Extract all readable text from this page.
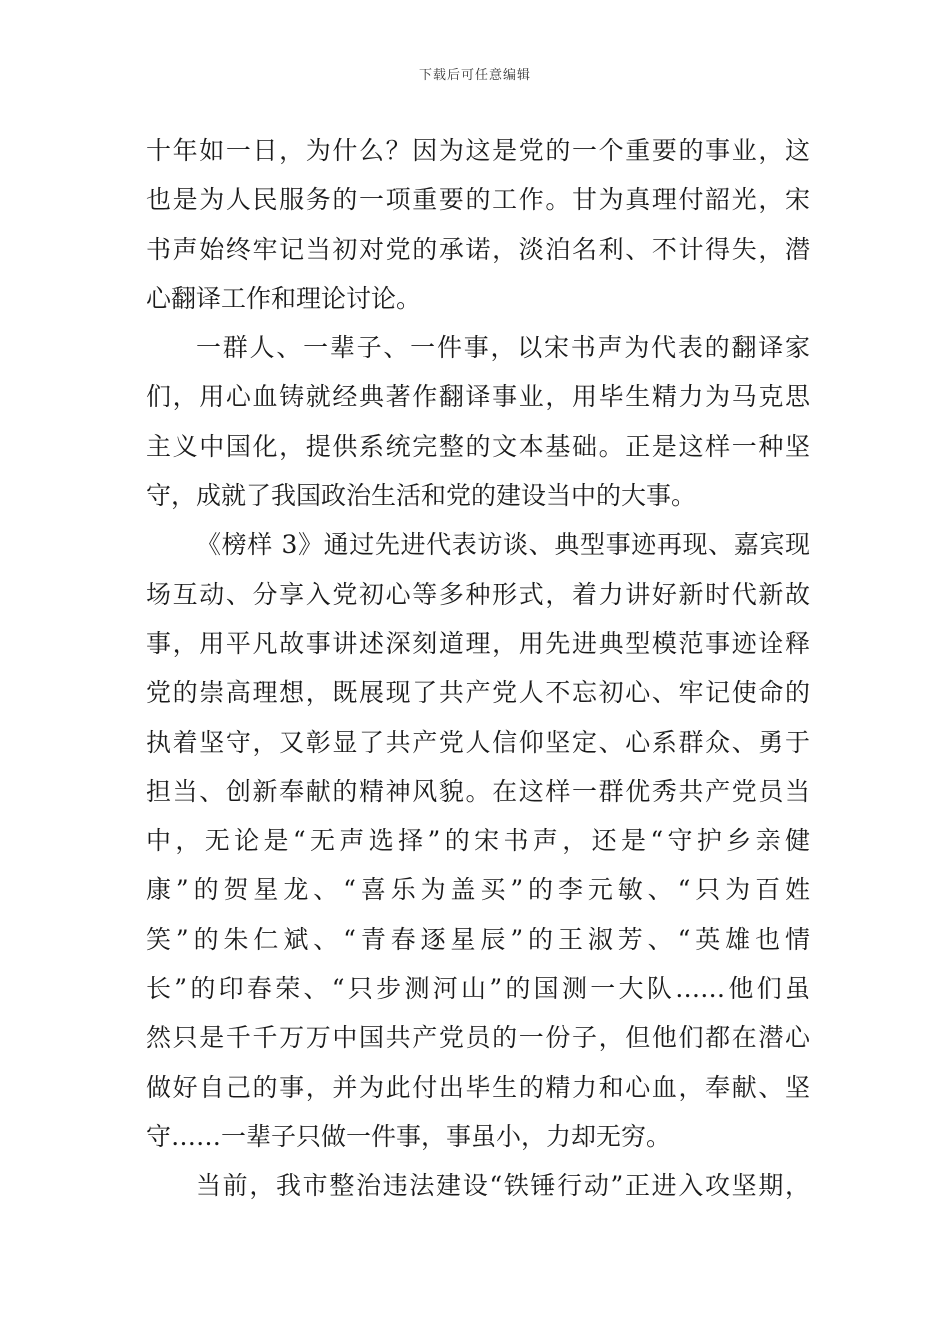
下载后可任意编辑
十年如一日，为什么？因为这是党的一个重要的事业，这
也是为人民服务的一项重要的工作。甘为真理付韶光，宋
书声始终牢记当初对党的承诺，淡泊名利、不计得失，潜
心翻译工作和理论讨论。
一群人、一辈子、一件事，以宋书声为代表的翻译家
们，用心血铸就经典著作翻译事业，用毕生精力为马克思
主义中国化，提供系统完整的文本基础。正是这样一种坚
守，成就了我国政治生活和党的建设当中的大事。
《榜样 3》通过先进代表访谈、典型事迹再现、嘉宾现
场互动、分享入党初心等多种形式，着力讲好新时代新故
事，用平凡故事讲述深刻道理，用先进典型模范事迹诠释
党的崇高理想，既展现了共产党人不忘初心、牢记使命的
执着坚守，又彰显了共产党人信仰坚定、心系群众、勇于
担当、创新奉献的精神风貌。在这样一群优秀共产党员当
中，无论是“无声选择”的宋书声，还是“守护乡亲健
康”的贺星龙、“喜乐为盖买”的李元敏、“只为百姓
笑”的朱仁斌、“青春逐星辰”的王淑芳、“英雄也情
长”的印春荣、“只步测河山”的国测一大队……他们虽
然只是千千万万中国共产党员的一份子，但他们都在潜心
做好自己的事，并为此付出毕生的精力和心血，奉献、坚
守……一辈子只做一件事，事虽小，力却无穷。
当前，我市整治违法建设“铁锤行动”正进入攻坚期，
